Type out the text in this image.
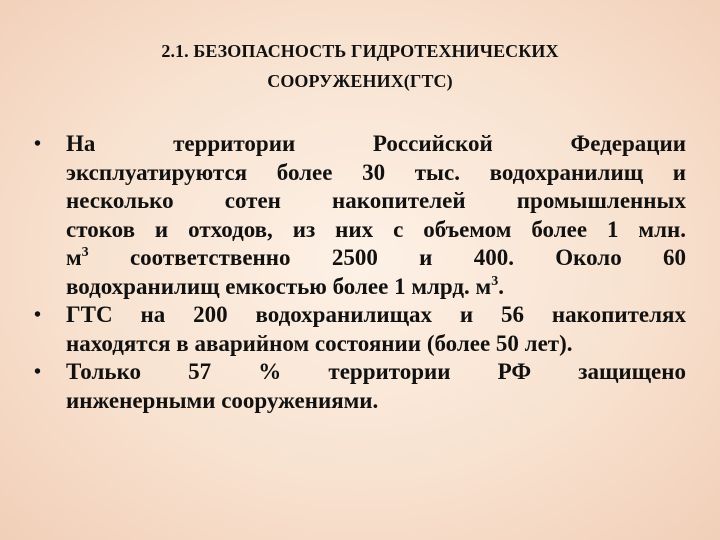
2.1. БЕЗОПАСНОСТЬ ГИДРОТЕХНИЧЕСКИХ
СООРУЖЕНИХ(ГТС)
• На территории Российской Федерации
эксплуатируются более 30 тыс. водохранилищ и
несколько сотен накопителей промышленных
стоков и отходов, из них с объемом более 1 млн.
$м^3$ соответственно 2500 и 400. Около 60
водохранилищ емкостью более 1 млрд. $м^3$.
• ГТС на 200 водохранилищах и 56 накопителях
находятся в аварийном состоянии (более 50 лет).
• Только 57 % территории РФ защищено
инженерными сооружениями.
